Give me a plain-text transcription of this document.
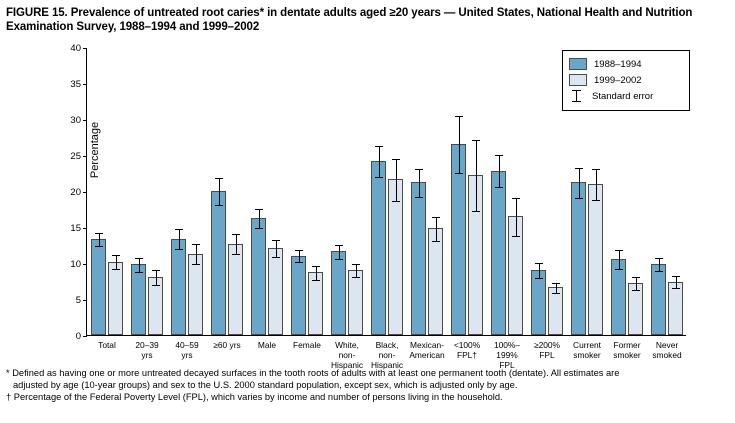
FIGURE 15. Prevalence of untreated root caries* in dentate adults aged ≥20 years — United States, National Health and Nutrition Examination Survey, 1988–1994 and 1999–2002
Percentage
0
5
10
15
20
25
30
35
40
Total	20–39
yrs
40–59
yrs
≥60 yrs	Male	Female	White,
non-
Hispanic
Black,
non-
Hispanic
Mexican-
American
<100%
FPL†
100%–
199%
FPL
≥200%
FPL
Current
smoker
Former
smoker
Never
smoked
1988–1994
1999–2002
Standard error

* Defined as having one or more untreated decayed surfaces in the tooth roots of adults with at least one permanent tooth (dentate). All estimates are

adjusted by age (10-year groups) and sex to the U.S. 2000 standard population, except sex, which is adjusted only by age.

† Percentage of the Federal Poverty Level (FPL), which varies by income and number of persons living in the household.
